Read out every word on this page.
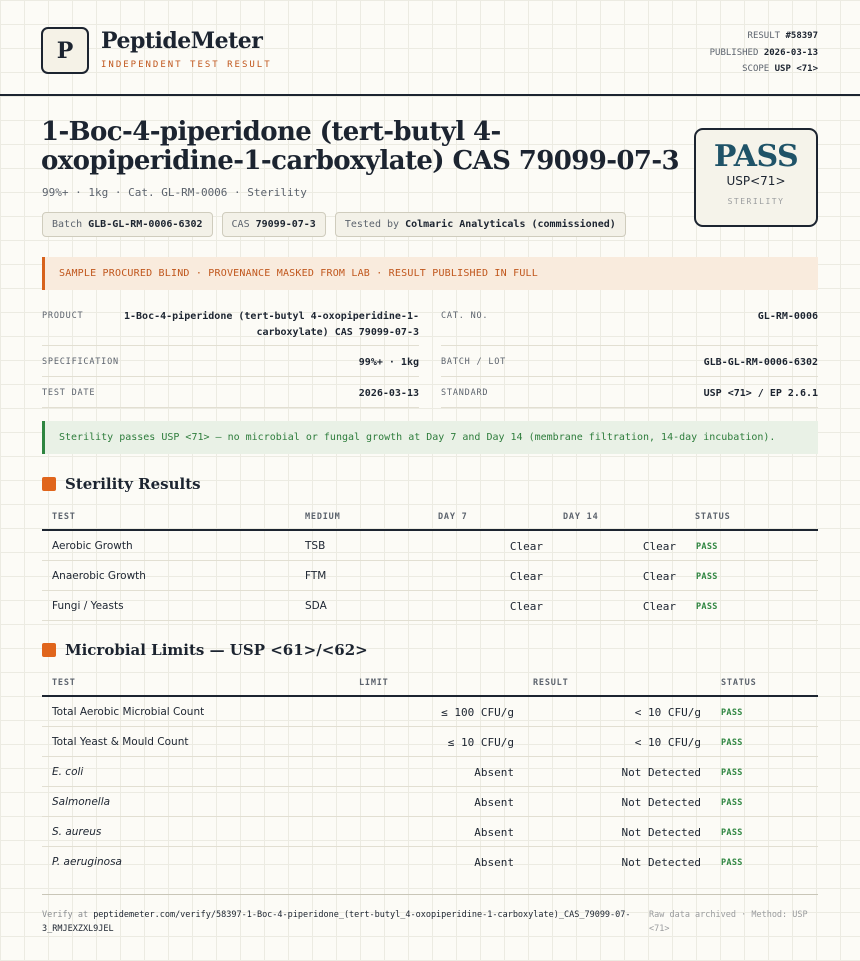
P	PeptideMeter
INDEPENDENT TEST RESULT
RESULT #58397
PUBLISHED 2026-03-13
SCOPE USP <71>
1-Boc-4-piperidone (tert-butyl 4-oxopiperidine-1-carboxylate) CAS 79099-07-3
99%+ · 1kg · Cat. GL-RM-0006 · Sterility
Batch GLB-GL-RM-0006-6302	CAS 79099-07-3	Tested by Colmaric Analyticals (commissioned)
PASS
USP<71>
STERILITY
SAMPLE PROCURED BLIND · PROVENANCE MASKED FROM LAB · RESULT PUBLISHED IN FULL
PRODUCT	1-Boc-4-piperidone (tert-butyl 4-oxopiperidine-1-carboxylate) CAS 79099-07-3
CAT. NO.	GL-RM-0006
SPECIFICATION	99%+ · 1kg	BATCH / LOT	GLB-GL-RM-0006-6302
TEST DATE	2026-03-13	STANDARD	USP <71> / EP 2.6.1
Sterility passes USP <71> — no microbial or fungal growth at Day 7 and Day 14 (membrane filtration, 14-day incubation).
Sterility Results
TEST	MEDIUM	DAY 7	DAY 14	STATUS
Aerobic Growth	TSB	Clear	Clear PASS
Anaerobic Growth	FTM	Clear	Clear PASS
Fungi / Yeasts	SDA	Clear	Clear PASS
Microbial Limits — USP <61>/<62>
TEST	LIMIT	RESULT	STATUS
Total Aerobic Microbial Count	≤ 100 CFU/g	< 10 CFU/g PASS
Total Yeast & Mould Count	≤ 10 CFU/g	< 10 CFU/g PASS
E. coli	Absent	Not Detected PASS
Salmonella	Absent	Not Detected PASS
S. aureus	Absent	Not Detected PASS
P. aeruginosa	Absent	Not Detected PASS
Verify at peptidemeter.com/verify/58397-1-Boc-4-piperidone_(tert-butyl_4-oxopiperidine-1-carboxylate)_CAS_79099-07-3_RMJEXZXL9JEL
Raw data archived · Method: USP <71>
